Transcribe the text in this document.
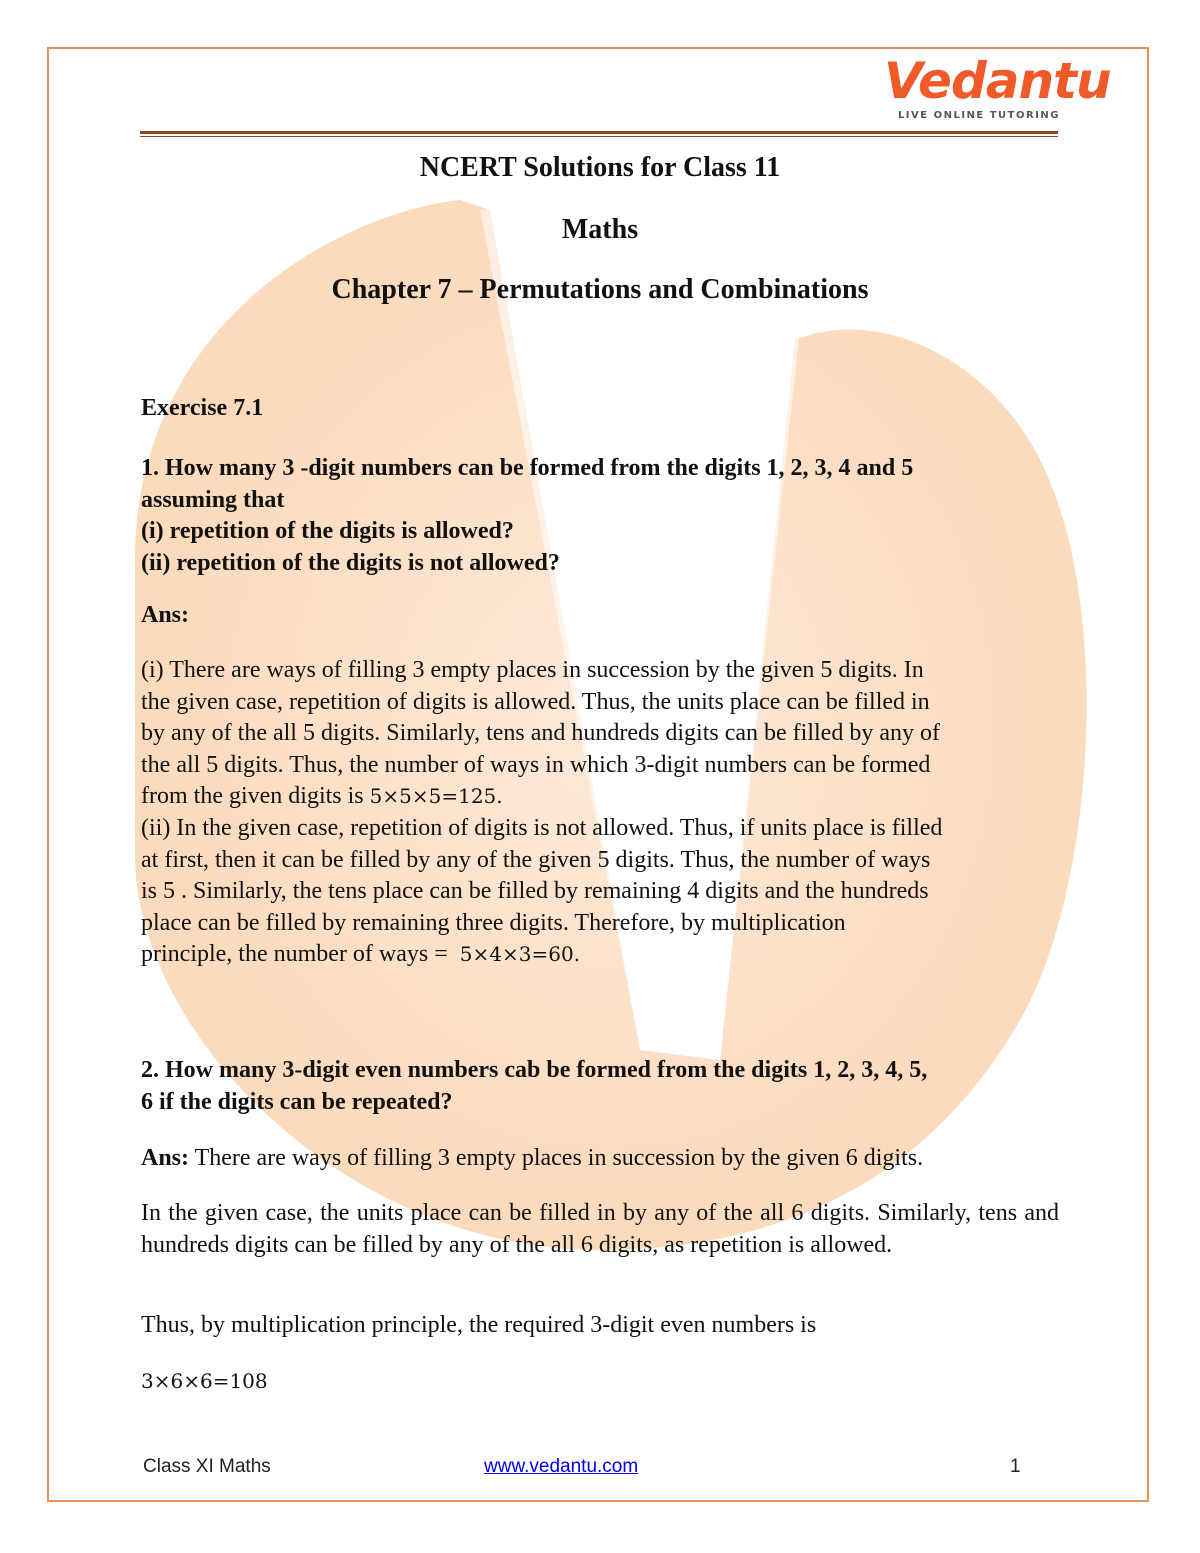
Vedantu
LIVE ONLINE TUTORING

NCERT Solutions for Class 11

Maths

Chapter 7 – Permutations and Combinations

Exercise 7.1
1. How many 3 -digit numbers can be formed from the digits 1, 2, 3, 4 and 5
assuming that
(i) repetition of the digits is allowed?
(ii) repetition of the digits is not allowed?
Ans:
(i) There are ways of filling 3 empty places in succession by the given 5 digits. In
the given case, repetition of digits is allowed. Thus, the units place can be filled in
by any of the all 5 digits. Similarly, tens and hundreds digits can be filled by any of
the all 5 digits. Thus, the number of ways in which 3-digit numbers can be formed
from the given digits is 5×5×5=125.
(ii) In the given case, repetition of digits is not allowed. Thus, if units place is filled
at first, then it can be filled by any of the given 5 digits. Thus, the number of ways
is 5 . Similarly, the tens place can be filled by remaining 4 digits and the hundreds
place can be filled by remaining three digits. Therefore, by multiplication
principle, the number of ways = 5×4×3=60.
2. How many 3-digit even numbers cab be formed from the digits 1, 2, 3, 4, 5,
6 if the digits can be repeated?
Ans: There are ways of filling 3 empty places in succession by the given 6 digits.
In the given case, the units place can be filled in by any of the all 6 digits. Similarly, tens and hundreds digits can be filled by any of the all 6 digits, as repetition is allowed.
Thus, by multiplication principle, the required 3-digit even numbers is
3×6×6=108
Class XI Maths	www.vedantu.com	1
